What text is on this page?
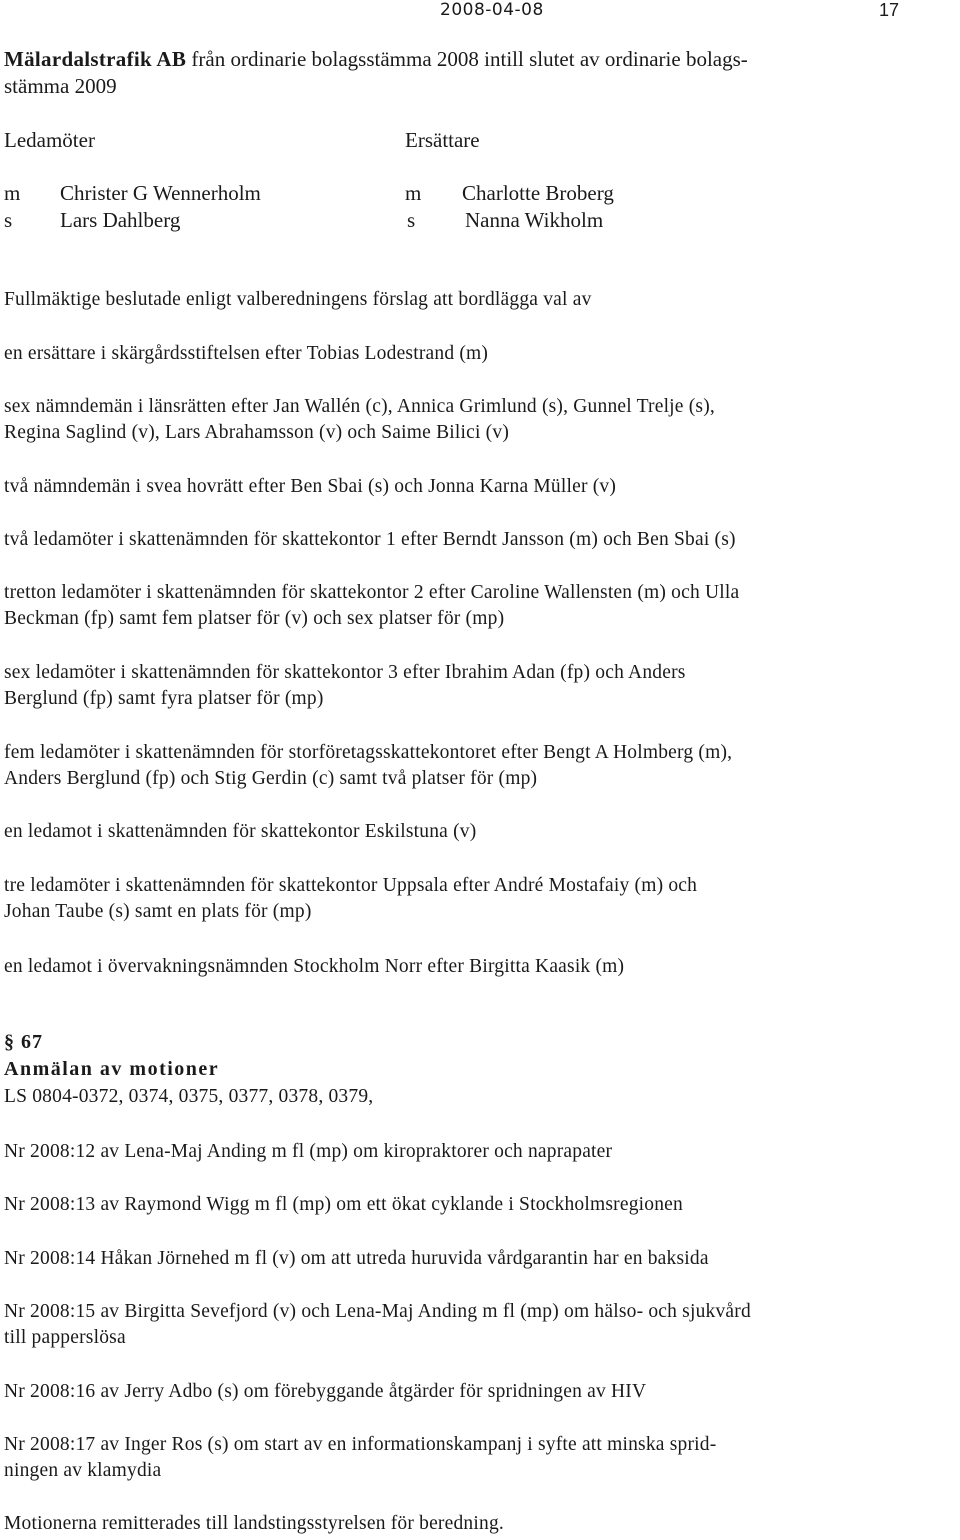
2008-04-08	17
Mälardalstrafik AB från ordinarie bolagsstämma 2008 intill slutet av ordinarie bolags-
stämma 2009
Ledamöter	Ersättare
m Christer G Wennerholm	m Charlotte Broberg
s Lars Dahlberg	s Nanna Wikholm
Fullmäktige beslutade enligt valberedningens förslag att bordlägga val av
en ersättare i skärgårdsstiftelsen efter Tobias Lodestrand (m)
sex nämndemän i länsrätten efter Jan Wallén (c), Annica Grimlund (s), Gunnel Trelje (s),
Regina Saglind (v), Lars Abrahamsson (v) och Saime Bilici (v)
två nämndemän i svea hovrätt efter Ben Sbai (s) och Jonna Karna Müller (v)
två ledamöter i skattenämnden för skattekontor 1 efter Berndt Jansson (m) och Ben Sbai (s)
tretton ledamöter i skattenämnden för skattekontor 2 efter Caroline Wallensten (m) och Ulla
Beckman (fp) samt fem platser för (v) och sex platser för (mp)
sex ledamöter i skattenämnden för skattekontor 3 efter Ibrahim Adan (fp) och Anders
Berglund (fp) samt fyra platser för (mp)
fem ledamöter i skattenämnden för storföretagsskattekontoret efter Bengt A Holmberg (m),
Anders Berglund (fp) och Stig Gerdin (c) samt två platser för (mp)
en ledamot i skattenämnden för skattekontor Eskilstuna (v)
tre ledamöter i skattenämnden för skattekontor Uppsala efter André Mostafaiy (m) och
Johan Taube (s) samt en plats för (mp)
en ledamot i övervakningsnämnden Stockholm Norr efter Birgitta Kaasik (m)
§ 67
Anmälan av motioner
LS 0804-0372, 0374, 0375, 0377, 0378, 0379,
Nr 2008:12 av Lena-Maj Anding m fl (mp) om kiropraktorer och naprapater
Nr 2008:13 av Raymond Wigg m fl (mp) om ett ökat cyklande i Stockholmsregionen
Nr 2008:14 Håkan Jörnehed m fl (v) om att utreda huruvida vårdgarantin har en baksida
Nr 2008:15 av Birgitta Sevefjord (v) och Lena-Maj Anding m fl (mp) om hälso- och sjukvård
till papperslösa
Nr 2008:16 av Jerry Adbo (s) om förebyggande åtgärder för spridningen av HIV
Nr 2008:17 av Inger Ros (s) om start av en informationskampanj i syfte att minska sprid-
ningen av klamydia
Motionerna remitterades till landstingsstyrelsen för beredning.
